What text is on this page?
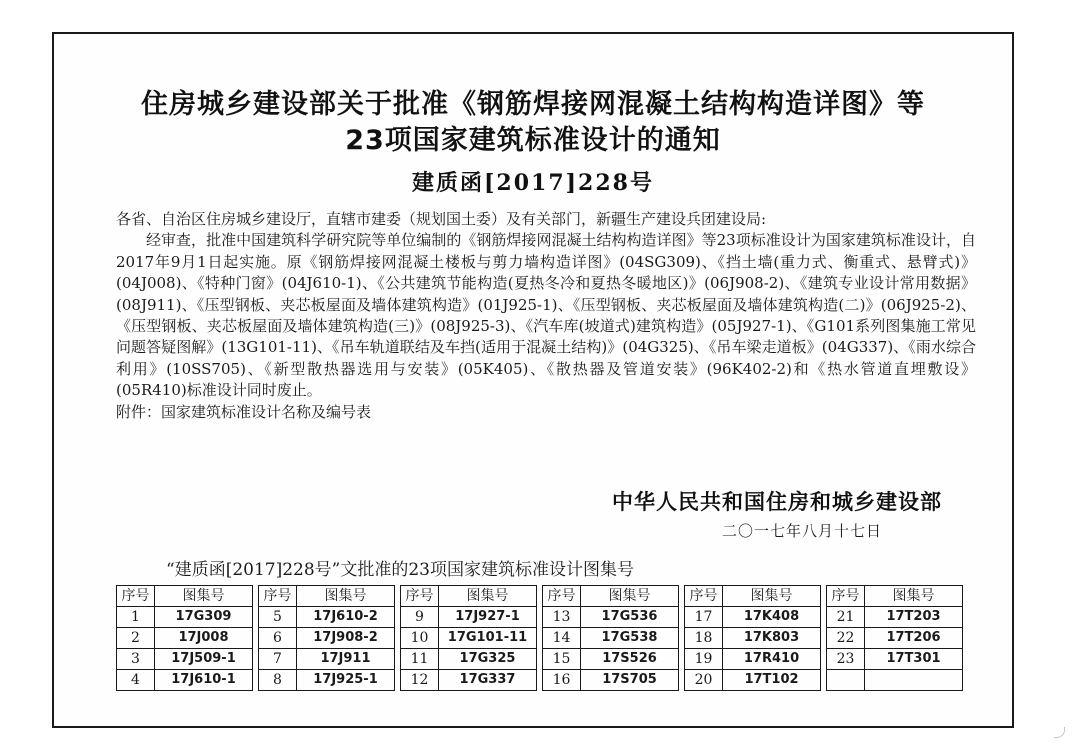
住房城乡建设部关于批准《钢筋焊接网混凝土结构构造详图》等
23项国家建筑标准设计的通知
建质函[2017]228号

各省、自治区住房城乡建设厅，直辖市建委（规划国土委）及有关部门，新疆生产建设兵团建设局:

经审查，批准中国建筑科学研究院等单位编制的《钢筋焊接网混凝土结构构造详图》等23项标准设计为国家建筑标准设计，自2017年9月1日起实施。原《钢筋焊接网混凝土楼板与剪力墙构造详图》(04SG309)、《挡土墙(重力式、衡重式、悬臂式)》(04J008)、《特种门窗》(04J610-1)、《公共建筑节能构造(夏热冬冷和夏热冬暖地区)》(06J908-2)、《建筑专业设计常用数据》(08J911)、《压型钢板、夹芯板屋面及墙体建筑构造》(01J925-1)、《压型钢板、夹芯板屋面及墙体建筑构造(二)》(06J925-2)、《压型钢板、夹芯板屋面及墙体建筑构造(三)》(08J925-3)、《汽车库(坡道式)建筑构造》(05J927-1)、《G101系列图集施工常见问题答疑图解》(13G101-11)、《吊车轨道联结及车挡(适用于混凝土结构)》(04G325)、《吊车梁走道板》(04G337)、《雨水综合利用》(10SS705)、《新型散热器选用与安装》(05K405)、《散热器及管道安装》(96K402-2)和《热水管道直埋敷设》(05R410)标准设计同时废止。

附件：国家建筑标准设计名称及编号表

中华人民共和国住房和城乡建设部
二〇一七年八月十七日
“建质函[2017]228号”文批准的23项国家建筑标准设计图集号
序号	图集号		序号	图集号		序号	图集号		序号	图集号		序号	图集号		序号	图集号
1	17G309		5	17J610-2		9	17J927-1		13	17G536		17	17K408		21	17T203
2	17J008		6	17J908-2		10	17G101-11		14	17G538		18	17K803		22	17T206
3	17J509-1		7	17J911		11	17G325		15	17S526		19	17R410		23	17T301
4	17J610-1		8	17J925-1		12	17G337		16	17S705		20	17T102			
